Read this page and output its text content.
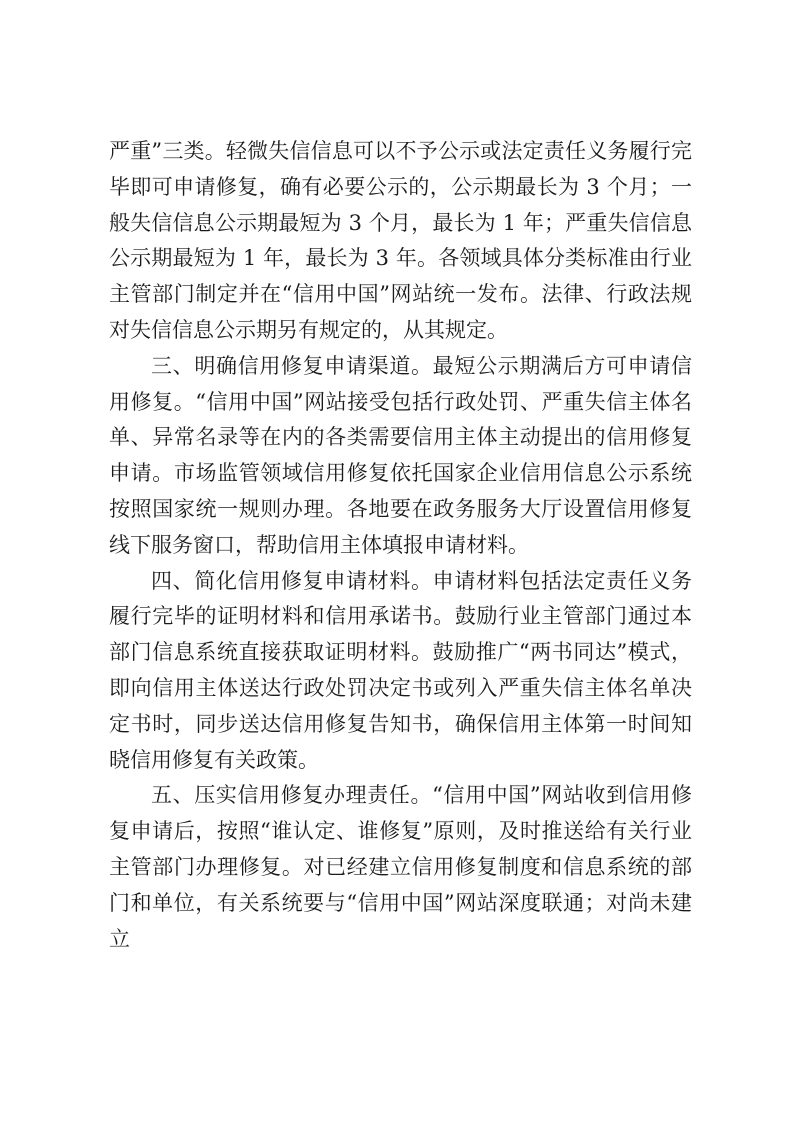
严重”三类。轻微失信信息可以不予公示或法定责任义务履行完毕即可申请修复，确有必要公示的，公示期最长为 3 个月；一般失信信息公示期最短为 3 个月，最长为 1 年；严重失信信息公示期最短为 1 年，最长为 3 年。各领域具体分类标准由行业主管部门制定并在“信用中国”网站统一发布。法律、行政法规对失信信息公示期另有规定的，从其规定。

三、明确信用修复申请渠道。最短公示期满后方可申请信用修复。“信用中国”网站接受包括行政处罚、严重失信主体名单、异常名录等在内的各类需要信用主体主动提出的信用修复申请。市场监管领域信用修复依托国家企业信用信息公示系统按照国家统一规则办理。各地要在政务服务大厅设置信用修复线下服务窗口，帮助信用主体填报申请材料。

四、简化信用修复申请材料。申请材料包括法定责任义务履行完毕的证明材料和信用承诺书。鼓励行业主管部门通过本部门信息系统直接获取证明材料。鼓励推广“两书同达”模式，即向信用主体送达行政处罚决定书或列入严重失信主体名单决定书时，同步送达信用修复告知书，确保信用主体第一时间知晓信用修复有关政策。

五、压实信用修复办理责任。“信用中国”网站收到信用修复申请后，按照“谁认定、谁修复”原则，及时推送给有关行业主管部门办理修复。对已经建立信用修复制度和信息系统的部门和单位，有关系统要与“信用中国”网站深度联通；对尚未建立
